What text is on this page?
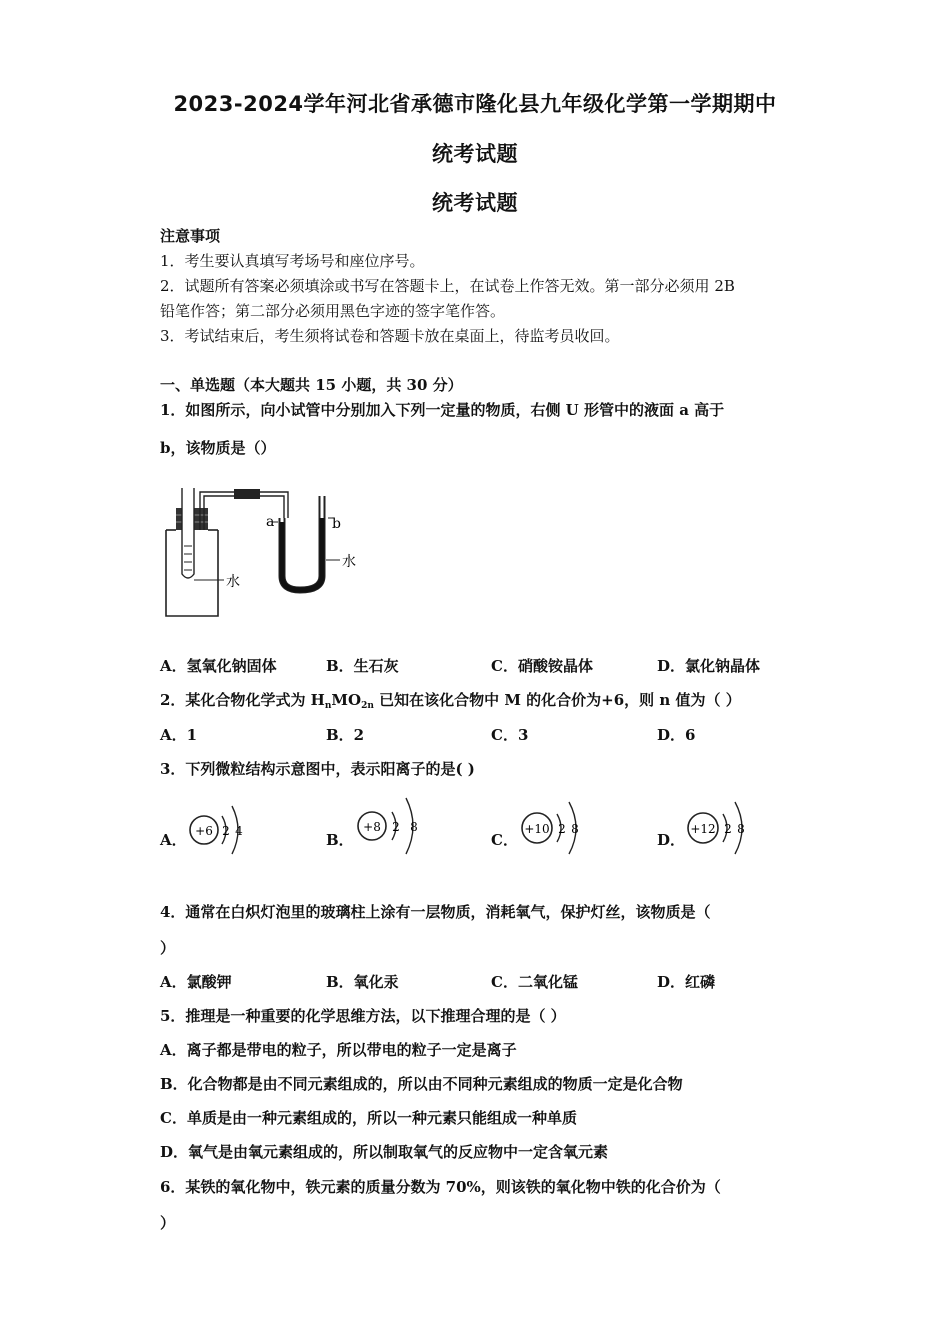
2023-2024学年河北省承德市隆化县九年级化学第一学期期中
统考试题
统考试题
注意事项
1．考生要认真填写考场号和座位序号。
2．试题所有答案必须填涂或书写在答题卡上，在试卷上作答无效。第一部分必须用 2B
铅笔作答；第二部分必须用黑色字迹的签字笔作答。
3．考试结束后，考生须将试卷和答题卡放在桌面上，待监考员收回。
一、单选题（本大题共 15 小题，共 30 分）
1．如图所示，向小试管中分别加入下列一定量的物质，右侧 U 形管中的液面 a 高于
b，该物质是（）
a	b
水
水
A．氢氧化钠固体	B．生石灰	C．硝酸铵晶体	D．氯化钠晶体
2．某化合物化学式为 $H_nMO_{2n}$ 已知在该化合物中 M 的化合价为+6，则 n 值为（ ）
A．1	B．2	C．3	D．6
3．下列微粒结构示意图中，表示阳离子的是( )
A． +6 2 4	B．
+8 2 8
C．
+10 2 8
D．
+12 2 8
4．通常在白炽灯泡里的玻璃柱上涂有一层物质，消耗氧气，保护灯丝，该物质是（
）
A．氯酸钾	B．氧化汞	C．二氧化锰	D．红磷
5．推理是一种重要的化学思维方法，以下推理合理的是（ ）
A．离子都是带电的粒子，所以带电的粒子一定是离子
B．化合物都是由不同元素组成的，所以由不同种元素组成的物质一定是化合物
C．单质是由一种元素组成的，所以一种元素只能组成一种单质
D．氧气是由氧元素组成的，所以制取氧气的反应物中一定含氧元素
6．某铁的氧化物中，铁元素的质量分数为 70%，则该铁的氧化物中铁的化合价为（
）
